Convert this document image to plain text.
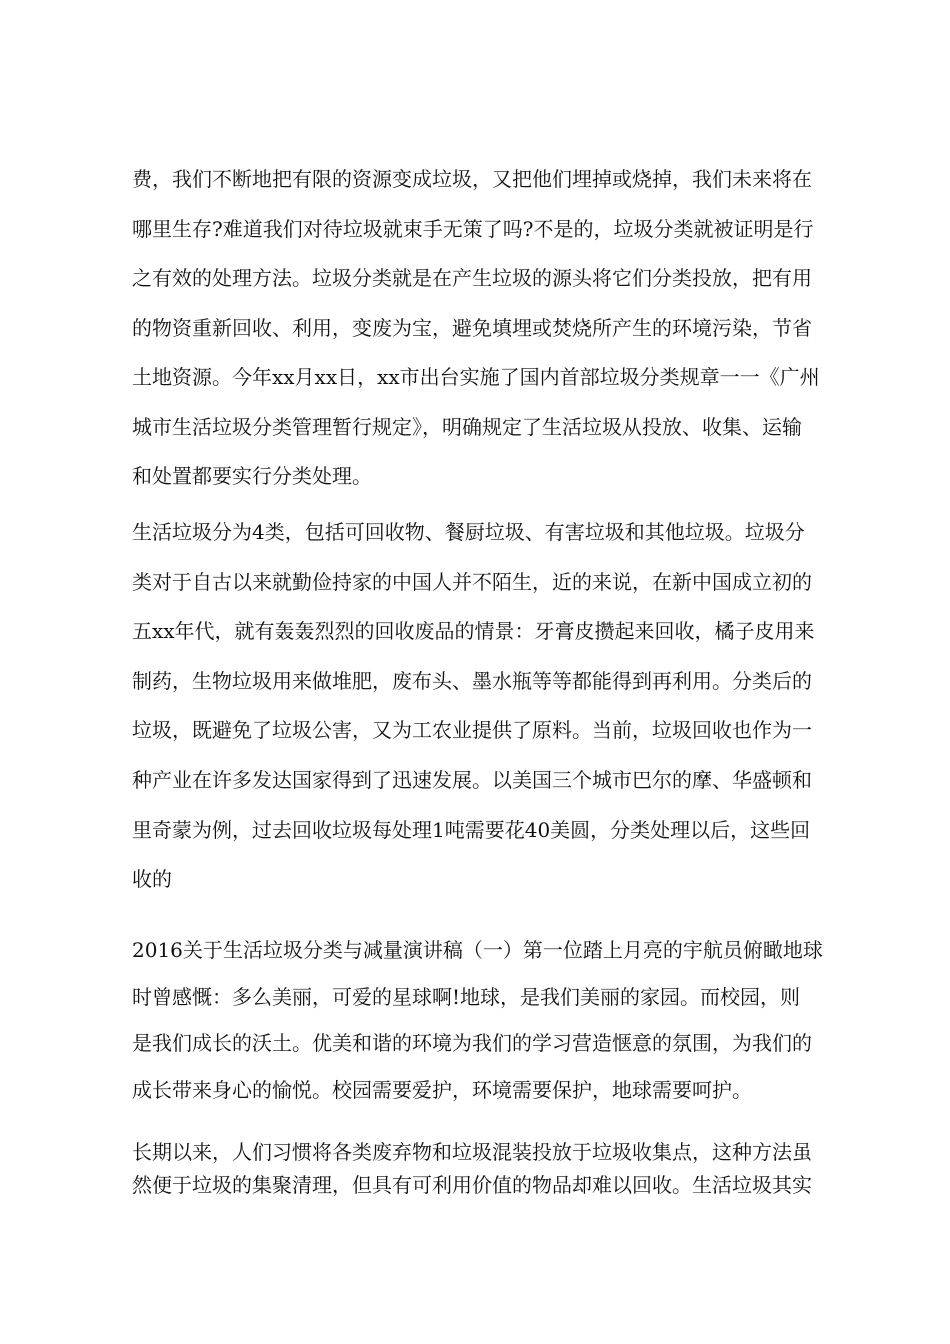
费，我们不断地把有限的资源变成垃圾，又把他们埋掉或烧掉，我们未来将在
哪里生存?难道我们对待垃圾就束手无策了吗?不是的，垃圾分类就被证明是行
之有效的处理方法。垃圾分类就是在产生垃圾的源头将它们分类投放，把有用
的物资重新回收、利用，变废为宝，避免填埋或焚烧所产生的环境污染，节省
土地资源。今年xx月xx日，xx市出台实施了国内首部垃圾分类规章一一《广州
城市生活垃圾分类管理暂行规定》，明确规定了生活垃圾从投放、收集、运输
和处置都要实行分类处理。
生活垃圾分为4类，包括可回收物、餐厨垃圾、有害垃圾和其他垃圾。垃圾分
类对于自古以来就勤俭持家的中国人并不陌生，近的来说，在新中国成立初的
五xx年代，就有轰轰烈烈的回收废品的情景：牙膏皮攒起来回收，橘子皮用来
制药，生物垃圾用来做堆肥，废布头、墨水瓶等等都能得到再利用。分类后的
垃圾，既避免了垃圾公害，又为工农业提供了原料。当前，垃圾回收也作为一
种产业在许多发达国家得到了迅速发展。以美国三个城市巴尔的摩、华盛顿和
里奇蒙为例，过去回收垃圾每处理1吨需要花40美圆，分类处理以后，这些回
收的
2016关于生活垃圾分类与减量演讲稿（一）第一位踏上月亮的宇航员俯瞰地球
时曾感慨：多么美丽，可爱的星球啊!地球，是我们美丽的家园。而校园，则
是我们成长的沃土。优美和谐的环境为我们的学习营造惬意的氛围，为我们的
成长带来身心的愉悦。校园需要爱护，环境需要保护，地球需要呵护。
长期以来，人们习惯将各类废弃物和垃圾混装投放于垃圾收集点，这种方法虽
然便于垃圾的集聚清理，但具有可利用价值的物品却难以回收。生活垃圾其实
